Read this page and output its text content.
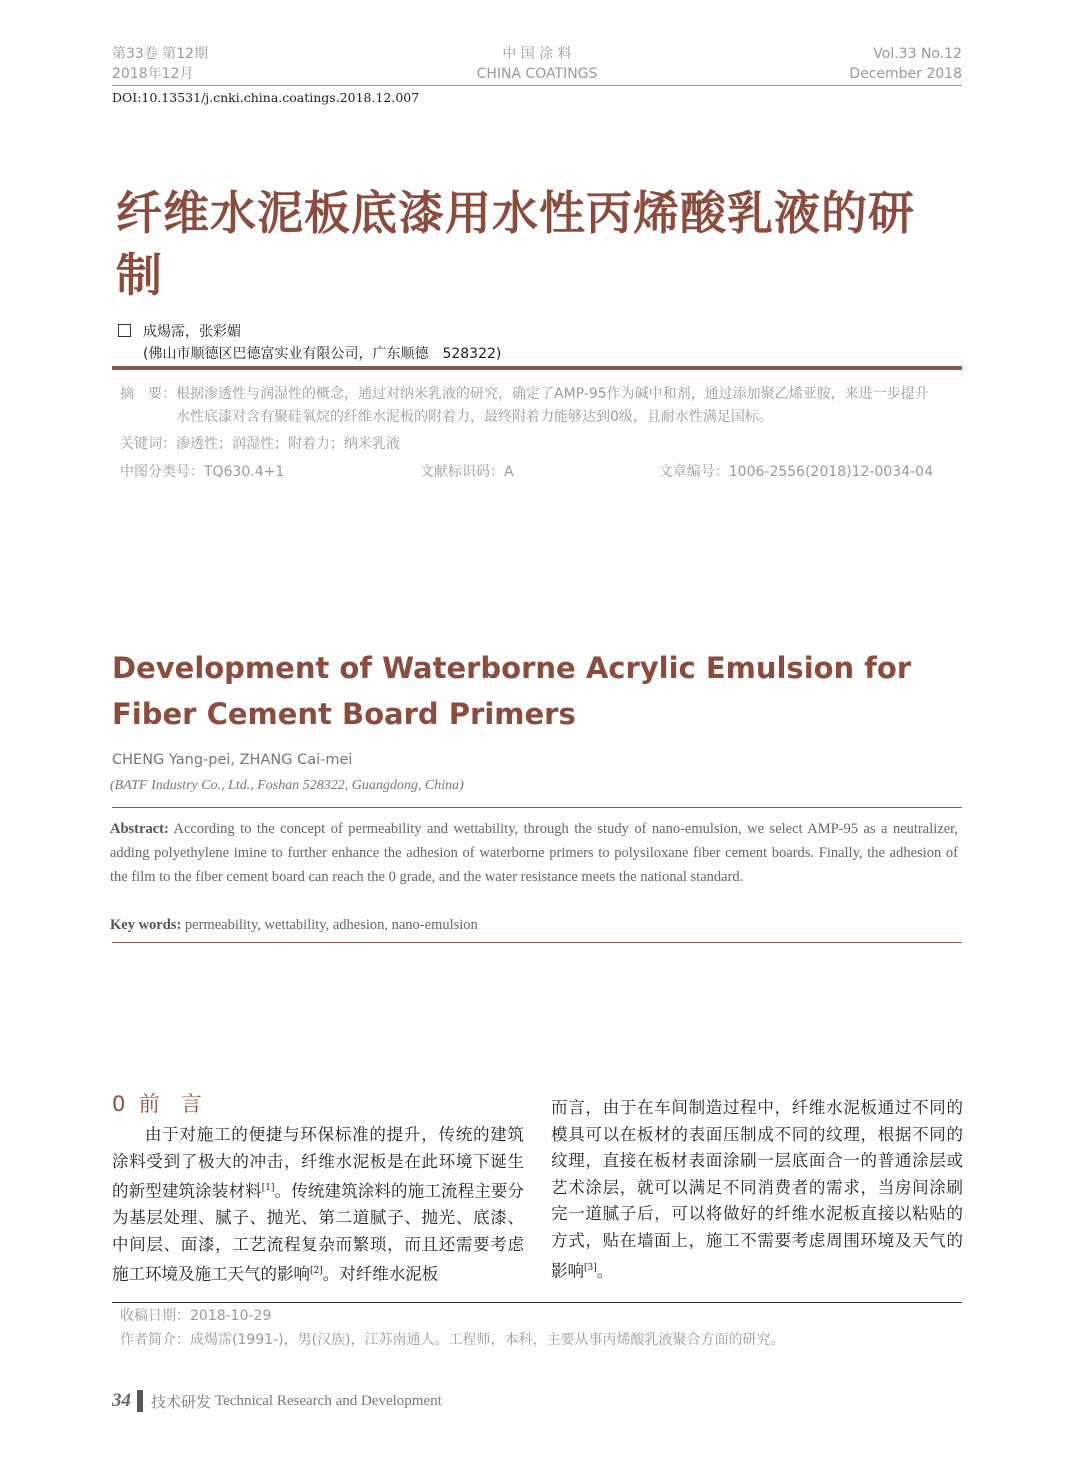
第33卷 第12期
2018年12月
中 国 涂 料
CHINA COATINGS
Vol.33 No.12
December 2018
DOI:10.13531/j.cnki.china.coatings.2018.12.007
纤维水泥板底漆用水性丙烯酸乳液的研制
成煬霈，张彩媚
(佛山市顺德区巴德富实业有限公司，广东顺德　528322)
摘　要： 根据渗透性与润湿性的概念，通过对纳米乳液的研究，确定了AMP-95作为碱中和剂，通过添加聚乙烯亚胺，来进一步提升水性底漆对含有聚硅氧烷的纤维水泥板的附着力，最终附着力能够达到0级，且耐水性满足国标。
关键词：渗透性；润湿性；附着力；纳米乳液
中图分类号：TQ630.4+1	文献标识码：A	文章编号：1006-2556(2018)12-0034-04
Development of Waterborne Acrylic Emulsion for Fiber Cement Board Primers
CHENG Yang-pei, ZHANG Cai-mei
(BATF Industry Co., Ltd., Foshan 528322, Guangdong, China)
Abstract: According to the concept of permeability and wettability, through the study of nano-emulsion, we select AMP-95 as a neutralizer, adding polyethylene imine to further enhance the adhesion of waterborne primers to polysiloxane fiber cement boards. Finally, the adhesion of the film to the fiber cement board can reach the 0 grade, and the water resistance meets the national standard.
Key words: permeability, wettability, adhesion, nano-emulsion
0 前　言
由于对施工的便捷与环保标准的提升，传统的建筑涂料受到了极大的冲击，纤维水泥板是在此环境下诞生的新型建筑涂装材料[1]。传统建筑涂料的施工流程主要分为基层处理、腻子、抛光、第二道腻子、抛光、底漆、中间层、面漆，工艺流程复杂而繁琐，而且还需要考虑施工环境及施工天气的影响[2]。对纤维水泥板
而言，由于在车间制造过程中，纤维水泥板通过不同的模具可以在板材的表面压制成不同的纹理，根据不同的纹理，直接在板材表面涂刷一层底面合一的普通涂层或艺术涂层，就可以满足不同消费者的需求，当房间涂刷完一道腻子后，可以将做好的纤维水泥板直接以粘贴的方式，贴在墙面上，施工不需要考虑周围环境及天气的影响[3]。
收稿日期：2018-10-29
作者简介：成煬霈(1991-)，男(汉族)，江苏南通人。工程师，本科，主要从事丙烯酸乳液聚合方面的研究。
34 技术研发
Technical Research and Development
